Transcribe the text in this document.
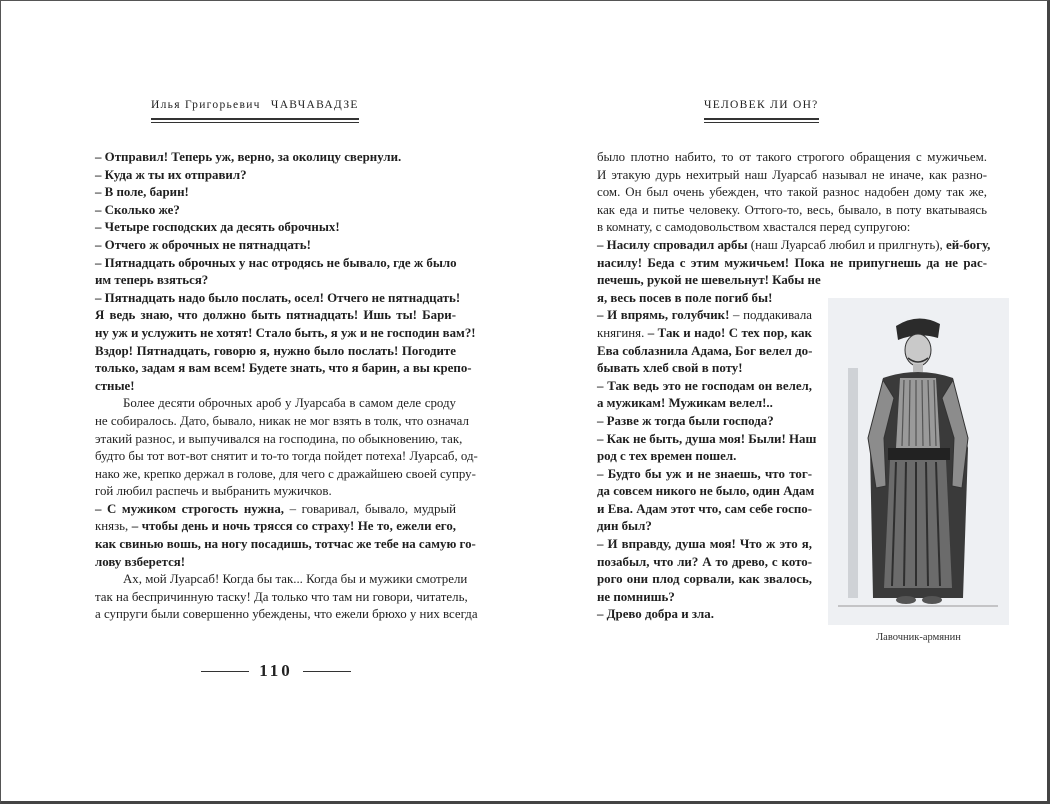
Илья Григорьевич ЧАВЧАВАДЗЕ
– Отправил! Теперь уж, верно, за околицу свернули.
– Куда ж ты их отправил?
– В поле, барин!
– Сколько же?
– Четыре господских да десять оброчных!
– Отчего ж оброчных не пятнадцать!
– Пятнадцать оброчных у нас отродясь не бывало, где ж было
им теперь взяться?
– Пятнадцать надо было послать, осел! Отчего не пятнадцать!
Я ведь знаю, что должно быть пятнадцать! Ишь ты! Бари-
ну уж и услужить не хотят! Стало быть, я уж и не господин вам?!
Вздор! Пятнадцать, говорю я, нужно было послать! Погодите
только, задам я вам всем! Будете знать, что я барин, а вы крепо-
стные!
Более десяти оброчных ароб у Луарсаба в самом деле сроду
не собиралось. Дато, бывало, никак не мог взять в толк, что означал
этакий разнос, и выпучивался на господина, по обыкновению, так,
будто бы тот вот-вот снятит и то-то тогда пойдет потеха! Луарсаб, од-
нако же, крепко держал в голове, для чего с дражайшею своей супру-
гой любил распечь и выбранить мужичков.
– С мужиком строгость нужна, – говаривал, бывало, мудрый
князь, – чтобы день и ночь трясся со страху! Не то, ежели его,
как свинью вошь, на ногу посадишь, тотчас же тебе на самую го-
лову взберется!
Ах, мой Луарсаб! Когда бы так... Когда бы и мужики смотрели
так на беспричинную таску! Да только что там ни говори, читатель,
а супруги были совершенно убеждены, что ежели брюхо у них всегда
110
ЧЕЛОВЕК ЛИ ОН?
было плотно набито, то от такого строгого обращения с мужичьем.
И этакую дурь нехитрый наш Луарсаб называл не иначе, как разно-
сом. Он был очень убежден, что такой разнос надобен дому так же,
как еда и питье человеку. Оттого-то, весь, бывало, в поту вкатываясь
в комнату, с самодовольством хвастался перед супругою:
– Насилу спровадил арбы (наш Луарсаб любил и прилгнуть), ей-богу,
насилу! Беда с этим мужичьем! Пока не припугнешь да не рас-
печешь, рукой не шевельнут! Кабы не
я, весь посев в поле погиб бы!
– И впрямь, голубчик! – поддакивала
княгиня. – Так и надо! С тех пор, как
Ева соблазнила Адама, Бог велел до-
бывать хлеб свой в поту!
– Так ведь это не господам он велел,
а мужикам! Мужикам велел!..
– Разве ж тогда были господа?
– Как не быть, душа моя! Были! Наш
род с тех времен пошел.
– Будто бы уж и не знаешь, что тог-
да совсем никого не было, один Адам
и Ева. Адам этот что, сам себе госпо-
дин был?
– И вправду, душа моя! Что ж это я,
позабыл, что ли? А то древо, с кото-
рого они плод сорвали, как звалось,
не помнишь?
– Древо добра и зла.
Лавочник-армянин
